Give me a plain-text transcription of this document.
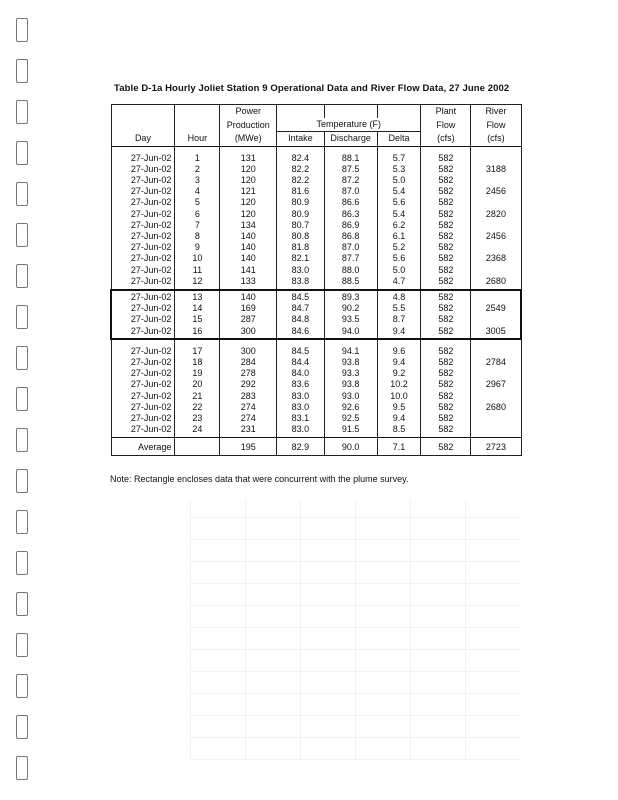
Table D-1a Hourly Joliet Station 9 Operational Data and River Flow Data, 27 June 2002
		Power				Plant	River
		Production	Temperature (F)			Flow	Flow
Day	Hour	(MWe)	Intake	Discharge	Delta	(cfs)	(cfs)
27-Jun-02	1	131	82.4	88.1	5.7	582	
27-Jun-02	2	120	82.2	87.5	5.3	582	3188
27-Jun-02	3	120	82.2	87.2	5.0	582	
27-Jun-02	4	121	81.6	87.0	5.4	582	2456
27-Jun-02	5	120	80.9	86.6	5.6	582	
27-Jun-02	6	120	80.9	86.3	5.4	582	2820
27-Jun-02	7	134	80.7	86.9	6.2	582	
27-Jun-02	8	140	80.8	86.8	6.1	582	2456
27-Jun-02	9	140	81.8	87.0	5.2	582	
27-Jun-02	10	140	82.1	87.7	5.6	582	2368
27-Jun-02	11	141	83.0	88.0	5.0	582	
27-Jun-02	12	133	83.8	88.5	4.7	582	2680
27-Jun-02	13	140	84.5	89.3	4.8	582	
27-Jun-02	14	169	84.7	90.2	5.5	582	2549
27-Jun-02	15	287	84.8	93.5	8.7	582	
27-Jun-02	16	300	84.6	94.0	9.4	582	3005
27-Jun-02	17	300	84.5	94.1	9.6	582	
27-Jun-02	18	284	84.4	93.8	9.4	582	2784
27-Jun-02	19	278	84.0	93.3	9.2	582	
27-Jun-02	20	292	83.6	93.8	10.2	582	2967
27-Jun-02	21	283	83.0	93.0	10.0	582	
27-Jun-02	22	274	83.0	92.6	9.5	582	2680
27-Jun-02	23	274	83.1	92.5	9.4	582	
27-Jun-02	24	231	83.0	91.5	8.5	582	
Average		195	82.9	90.0	7.1	582	2723
Note: Rectangle encloses data that were concurrent with the plume survey.
